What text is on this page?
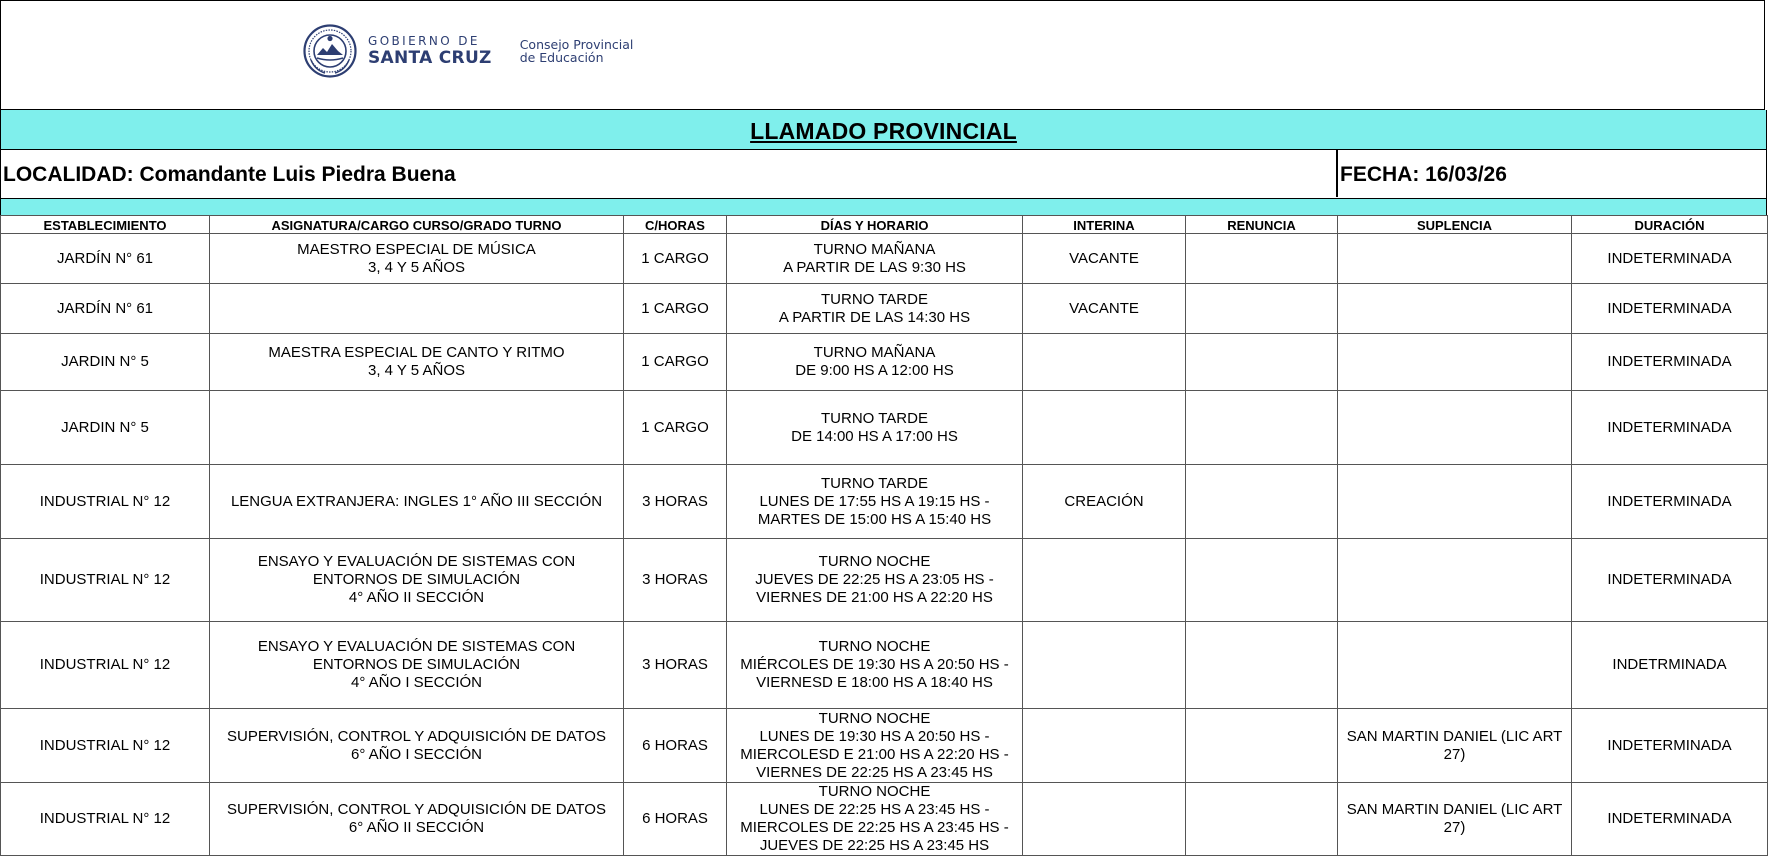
GOBIERNO DE
SANTA CRUZ
Consejo Provincial
de Educación
LLAMADO PROVINCIAL
LOCALIDAD: Comandante Luis Piedra Buena	FECHA: 16/03/26
ESTABLECIMIENTO	ASIGNATURA/CARGO CURSO/GRADO TURNO	C/HORAS	DÍAS Y HORARIO	INTERINA	RENUNCIA	SUPLENCIA	DURACIÓN
JARDÍN N° 61	MAESTRO ESPECIAL DE MÚSICA
3, 4 Y 5 AÑOS	1 CARGO	TURNO MAÑANA
A PARTIR DE LAS 9:30 HS	VACANTE			INDETERMINADA
JARDÍN N° 61		1 CARGO	TURNO TARDE
A PARTIR DE LAS 14:30 HS	VACANTE			INDETERMINADA
JARDIN N° 5	MAESTRA ESPECIAL DE CANTO Y RITMO
3, 4 Y 5 AÑOS	1 CARGO	TURNO MAÑANA
DE 9:00 HS A 12:00 HS				INDETERMINADA
JARDIN N° 5		1 CARGO	TURNO TARDE
DE 14:00 HS A 17:00 HS				INDETERMINADA
INDUSTRIAL N° 12	LENGUA EXTRANJERA: INGLES 1° AÑO III SECCIÓN	3 HORAS	TURNO TARDE
LUNES DE 17:55 HS A 19:15 HS -
MARTES DE 15:00 HS A 15:40 HS	CREACIÓN			INDETERMINADA
INDUSTRIAL N° 12	ENSAYO Y EVALUACIÓN DE SISTEMAS CON
ENTORNOS DE SIMULACIÓN
4° AÑO II SECCIÓN	3 HORAS	TURNO NOCHE
JUEVES DE 22:25 HS A 23:05 HS -
VIERNES DE 21:00 HS A 22:20 HS				INDETERMINADA
INDUSTRIAL N° 12	ENSAYO Y EVALUACIÓN DE SISTEMAS CON
ENTORNOS DE SIMULACIÓN
4° AÑO I SECCIÓN	3 HORAS	TURNO NOCHE
MIÉRCOLES DE 19:30 HS A 20:50 HS -
VIERNESD E 18:00 HS A 18:40 HS				INDETRMINADA
INDUSTRIAL N° 12	SUPERVISIÓN, CONTROL Y ADQUISICIÓN DE DATOS
6° AÑO I SECCIÓN	6 HORAS	TURNO NOCHE
LUNES DE 19:30 HS A 20:50 HS -
MIERCOLESD E 21:00 HS A 22:20 HS -
VIERNES DE 22:25 HS A 23:45 HS			SAN MARTIN DANIEL (LIC ART
27)	INDETERMINADA
INDUSTRIAL N° 12	SUPERVISIÓN, CONTROL Y ADQUISICIÓN DE DATOS
6° AÑO II SECCIÓN	6 HORAS	TURNO NOCHE
LUNES DE 22:25 HS A 23:45 HS -
MIERCOLES DE 22:25 HS A 23:45 HS -
JUEVES DE 22:25 HS A 23:45 HS			SAN MARTIN DANIEL (LIC ART
27)	INDETERMINADA
